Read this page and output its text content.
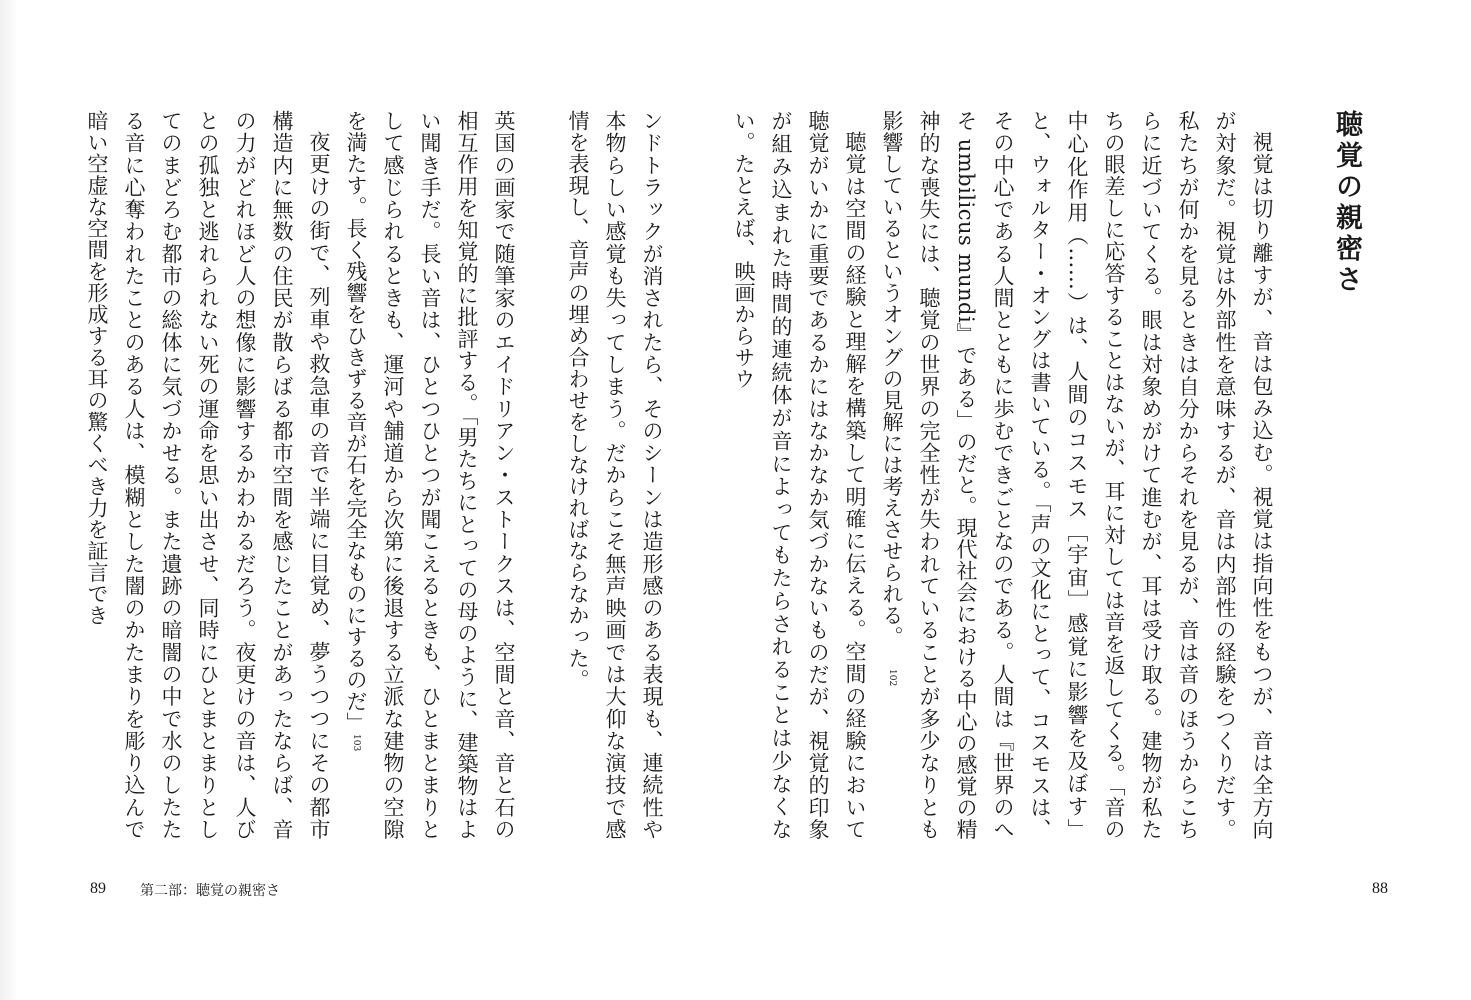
聴覚の親密さ

視覚は切り離すが、音は包み込む。視覚は指向性をもつが、音は全方向が対象だ。視覚は外部性を意味するが、音は内部性の経験をつくりだす。私たちが何かを見るときは自分からそれを見るが、音は音のほうからこちらに近づいてくる。眼は対象めがけて進むが、耳は受け取る。建物が私たちの眼差しに応答することはないが、耳に対しては音を返してくる。「音の中心化作用（……）は、人間のコスモス［宇宙］感覚に影響を及ぼす」と、ウォルター・オングは書いている。「声の文化にとって、コスモスは、その中心である人間とともに歩むできごとなのである。人間は『世界のへそ umbilicus mundi』である」のだと。現代社会における中心の感覚の精神的な喪失には、聴覚の世界の完全性が失われていることが多少なりとも影響しているというオングの見解には考えさせられる。102

聴覚は空間の経験と理解を構築して明確に伝える。空間の経験において聴覚がいかに重要であるかにはなかなか気づかないものだが、視覚的印象が組み込まれた時間的連続体が音によってもたらされることは少なくない。たとえば、映画からサウ

88

ンドトラックが消されたら、そのシーンは造形感のある表現も、連続性や本物らしい感覚も失ってしまう。だからこそ無声映画では大仰な演技で感情を表現し、音声の埋め合わせをしなければならなかった。

英国の画家で随筆家のエイドリアン・ストークスは、空間と音、音と石の相互作用を知覚的に批評する。「男たちにとっての母のように、建築物はよい聞き手だ。長い音は、ひとつひとつが聞こえるときも、ひとまとまりとして感じられるときも、運河や舗道から次第に後退する立派な建物の空隙を満たす。長く残響をひきずる音が石を完全なものにするのだ」103

夜更けの街で、列車や救急車の音で半端に目覚め、夢うつつにその都市構造内に無数の住民が散らばる都市空間を感じたことがあったならば、音の力がどれほど人の想像に影響するかわかるだろう。夜更けの音は、人びとの孤独と逃れられない死の運命を思い出させ、同時にひとまとまりとしてのまどろむ都市の総体に気づかせる。また遺跡の暗闇の中で水のしたたる音に心奪われたことのある人は、模糊とした闇のかたまりを彫り込んで暗い空虚な空間を形成する耳の驚くべき力を証言でき

89 第二部：聴覚の親密さ
